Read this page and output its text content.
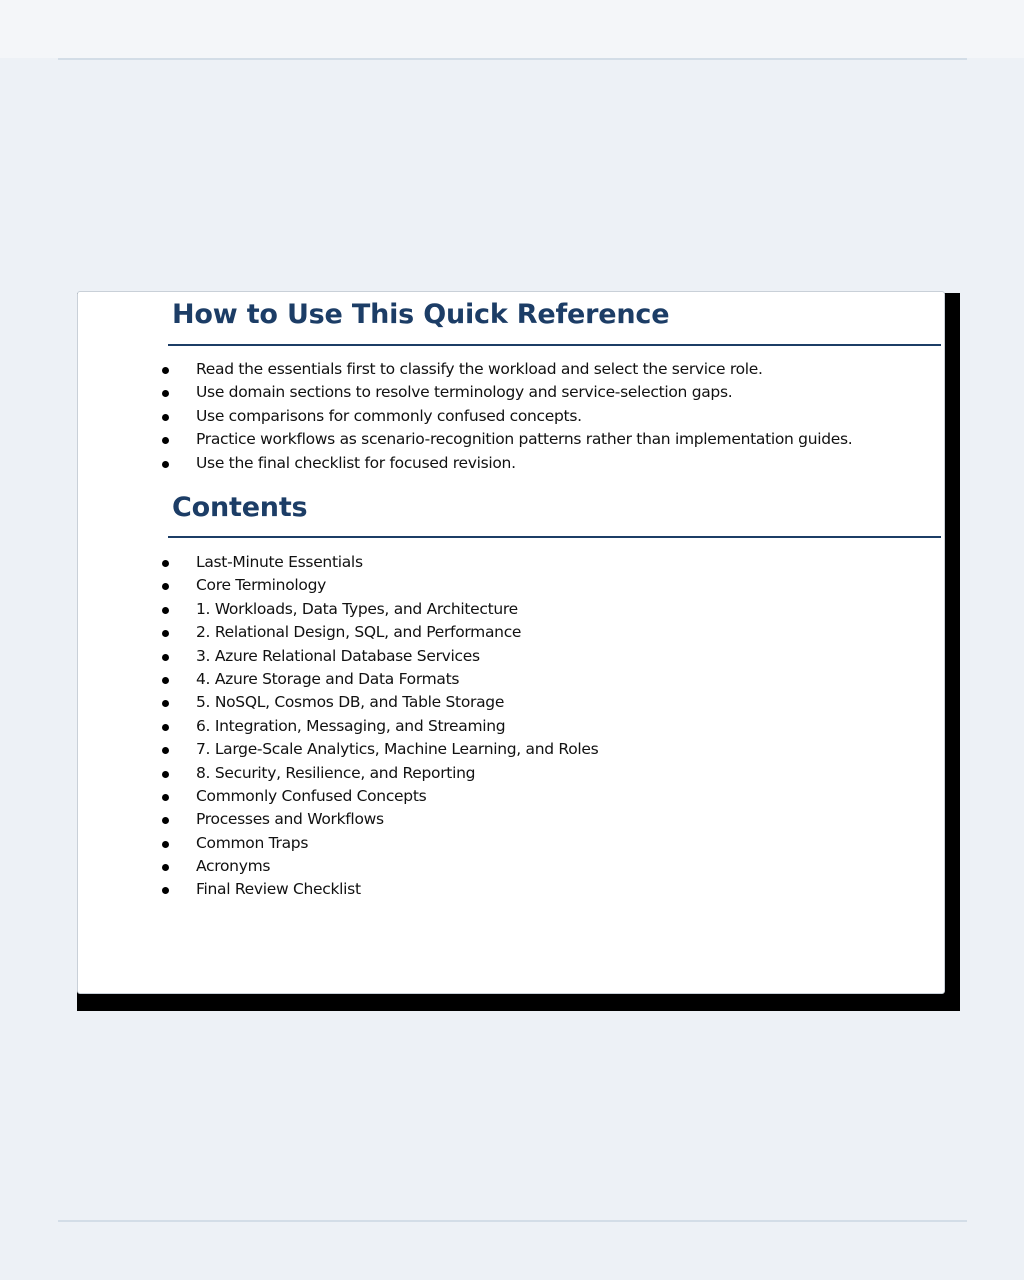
How to Use This Quick Reference
Read the essentials first to classify the workload and select the service role.
Use domain sections to resolve terminology and service-selection gaps.
Use comparisons for commonly confused concepts.
Practice workflows as scenario-recognition patterns rather than implementation guides.
Use the final checklist for focused revision.
Contents
Last-Minute Essentials
Core Terminology
1. Workloads, Data Types, and Architecture
2. Relational Design, SQL, and Performance
3. Azure Relational Database Services
4. Azure Storage and Data Formats
5. NoSQL, Cosmos DB, and Table Storage
6. Integration, Messaging, and Streaming
7. Large-Scale Analytics, Machine Learning, and Roles
8. Security, Resilience, and Reporting
Commonly Confused Concepts
Processes and Workflows
Common Traps
Acronyms
Final Review Checklist
